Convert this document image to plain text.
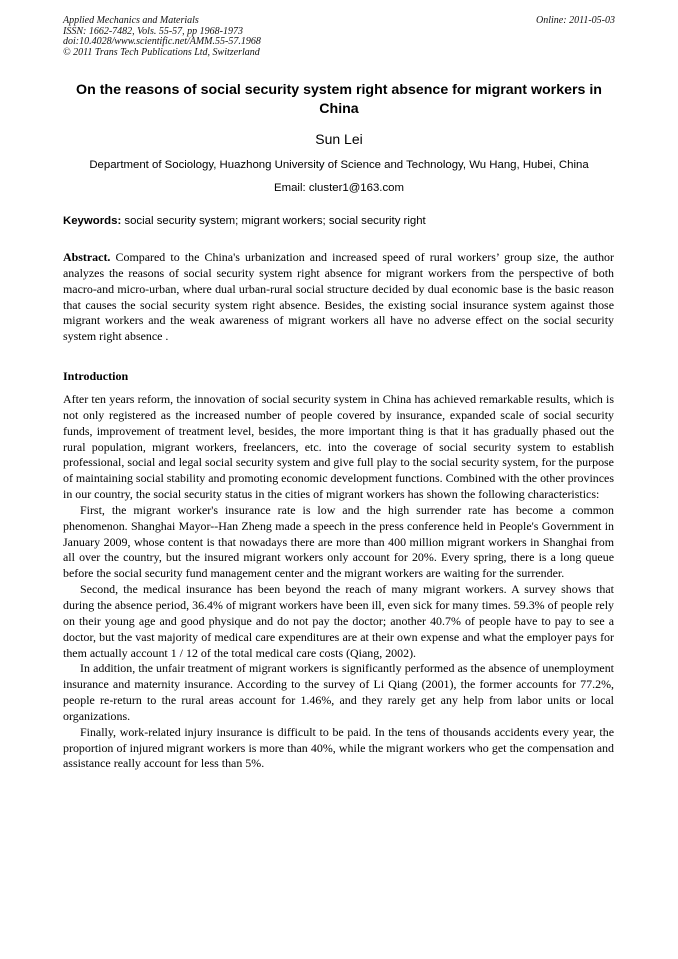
Applied Mechanics and Materials
ISSN: 1662-7482, Vols. 55-57, pp 1968-1973
doi:10.4028/www.scientific.net/AMM.55-57.1968
© 2011 Trans Tech Publications Ltd, Switzerland
Online: 2011-05-03
On the reasons of social security system right absence for migrant workers in China
Sun Lei
Department of Sociology, Huazhong University of Science and Technology, Wu Hang, Hubei, China
Email: cluster1@163.com
Keywords: social security system; migrant workers; social security right
Abstract. Compared to the China's urbanization and increased speed of rural workers’ group size, the author analyzes the reasons of social security system right absence for migrant workers from the perspective of both macro-and micro-urban, where dual urban-rural social structure decided by dual economic base is the basic reason that causes the social security system right absence. Besides, the existing social insurance system against those migrant workers and the weak awareness of migrant workers all have no adverse effect on the social security system right absence .
Introduction

After ten years reform, the innovation of social security system in China has achieved remarkable results, which is not only registered as the increased number of people covered by insurance, expanded scale of social security funds, improvement of treatment level, besides, the more important thing is that it has gradually phased out the rural population, migrant workers, freelancers, etc. into the coverage of social security system to establish professional, social and legal social security system and give full play to the social security system, for the purpose of maintaining social stability and promoting economic development functions. Combined with the other provinces in our country, the social security status in the cities of migrant workers has shown the following characteristics:

First, the migrant worker's insurance rate is low and the high surrender rate has become a common phenomenon. Shanghai Mayor--Han Zheng made a speech in the press conference held in People's Government in January 2009, whose content is that nowadays there are more than 400 million migrant workers in Shanghai from all over the country, but the insured migrant workers only account for 20%. Every spring, there is a long queue before the social security fund management center and the migrant workers are waiting for the surrender.

Second, the medical insurance has been beyond the reach of many migrant workers. A survey shows that during the absence period, 36.4% of migrant workers have been ill, even sick for many times. 59.3% of people rely on their young age and good physique and do not pay the doctor; another 40.7% of people have to pay to see a doctor, but the vast majority of medical care expenditures are at their own expense and what the employer pays for them actually account 1 / 12 of the total medical care costs (Qiang, 2002).

In addition, the unfair treatment of migrant workers is significantly performed as the absence of unemployment insurance and maternity insurance. According to the survey of Li Qiang (2001), the former accounts for 77.2%, people re-return to the rural areas account for 1.46%, and they rarely get any help from labor units or local organizations.

Finally, work-related injury insurance is difficult to be paid. In the tens of thousands accidents every year, the proportion of injured migrant workers is more than 40%, while the migrant workers who get the compensation and assistance really account for less than 5%.
